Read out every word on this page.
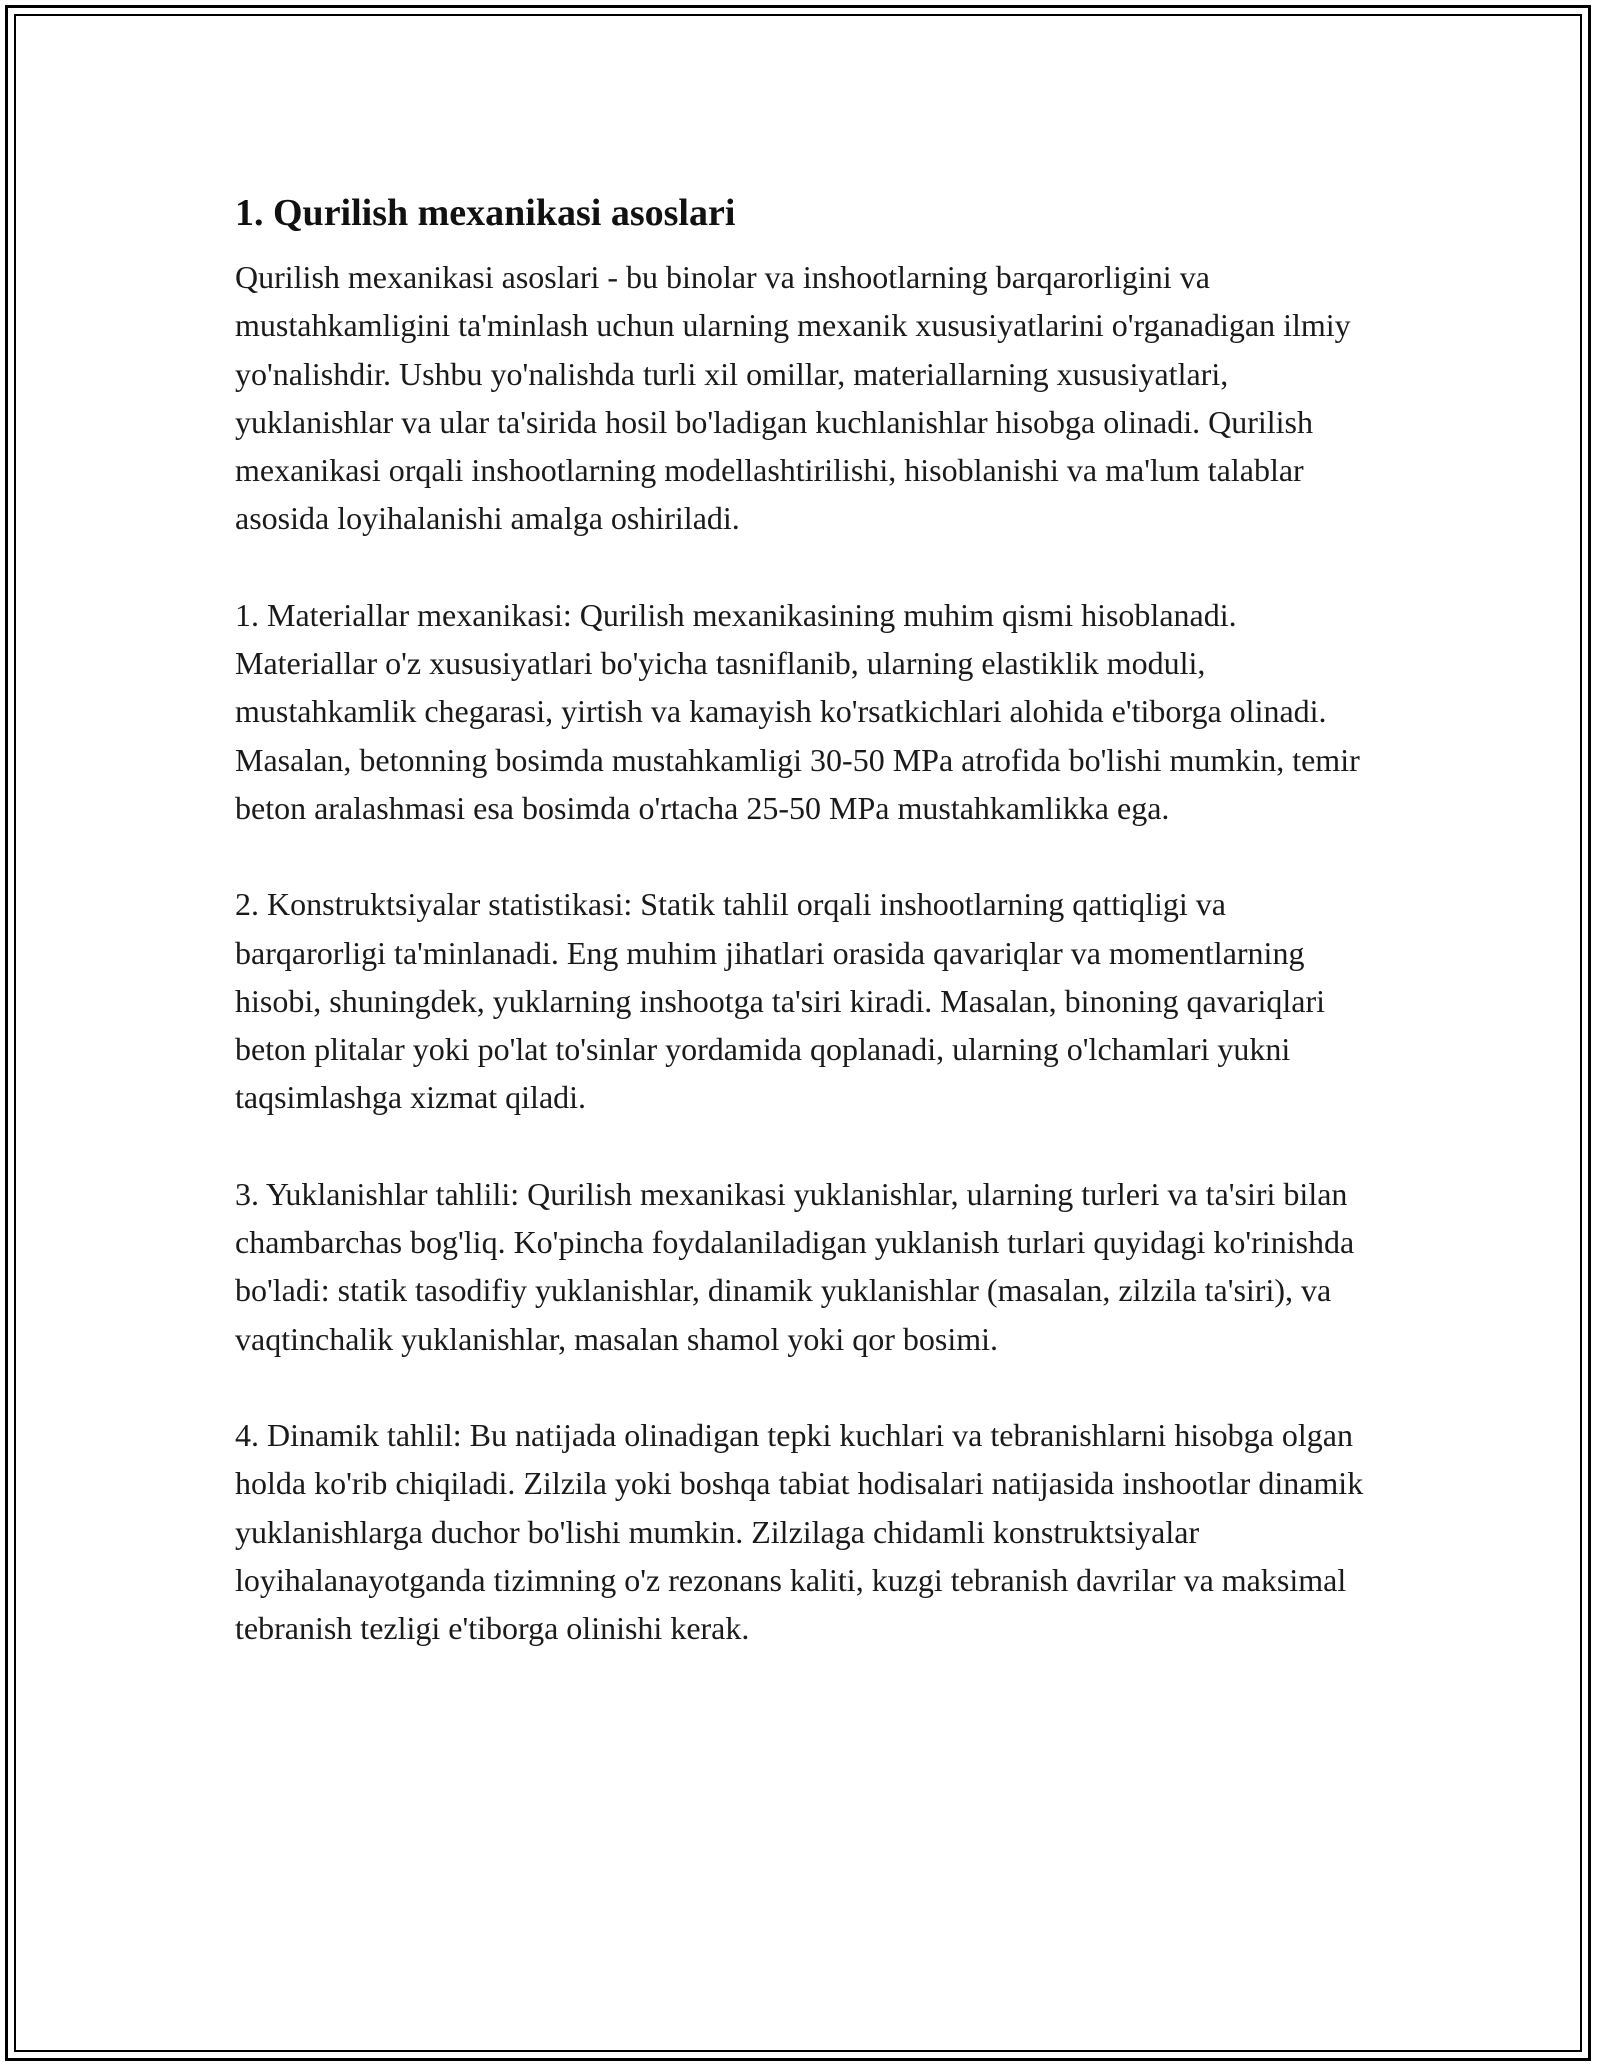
1. Qurilish mexanikasi asoslari

Qurilish mexanikasi asoslari - bu binolar va inshootlarning barqarorligini va mustahkamligini ta'minlash uchun ularning mexanik xususiyatlarini o'rganadigan ilmiy yo'nalishdir. Ushbu yo'nalishda turli xil omillar, materiallarning xususiyatlari, yuklanishlar va ular ta'sirida hosil bo'ladigan kuchlanishlar hisobga olinadi. Qurilish mexanikasi orqali inshootlarning modellashtirilishi, hisoblanishi va ma'lum talablar asosida loyihalanishi amalga oshiriladi.

1. Materiallar mexanikasi: Qurilish mexanikasining muhim qismi hisoblanadi. Materiallar o'z xususiyatlari bo'yicha tasniflanib, ularning elastiklik moduli, mustahkamlik chegarasi, yirtish va kamayish ko'rsatkichlari alohida e'tiborga olinadi. Masalan, betonning bosimda mustahkamligi 30-50 MPa atrofida bo'lishi mumkin, temir beton aralashmasi esa bosimda o'rtacha 25-50 MPa mustahkamlikka ega.

2. Konstruktsiyalar statistikasi: Statik tahlil orqali inshootlarning qattiqligi va barqarorligi ta'minlanadi. Eng muhim jihatlari orasida qavariqlar va momentlarning hisobi, shuningdek, yuklarning inshootga ta'siri kiradi. Masalan, binoning qavariqlari beton plitalar yoki po'lat to'sinlar yordamida qoplanadi, ularning o'lchamlari yukni taqsimlashga xizmat qiladi.

3. Yuklanishlar tahlili: Qurilish mexanikasi yuklanishlar, ularning turleri va ta'siri bilan chambarchas bog'liq. Ko'pincha foydalaniladigan yuklanish turlari quyidagi ko'rinishda bo'ladi: statik tasodifiy yuklanishlar, dinamik yuklanishlar (masalan, zilzila ta'siri), va vaqtinchalik yuklanishlar, masalan shamol yoki qor bosimi.

4. Dinamik tahlil: Bu natijada olinadigan tepki kuchlari va tebranishlarni hisobga olgan holda ko'rib chiqiladi. Zilzila yoki boshqa tabiat hodisalari natijasida inshootlar dinamik yuklanishlarga duchor bo'lishi mumkin. Zilzilaga chidamli konstruktsiyalar loyihalanayotganda tizimning o'z rezonans kaliti, kuzgi tebranish davrilar va maksimal tebranish tezligi e'tiborga olinishi kerak.
